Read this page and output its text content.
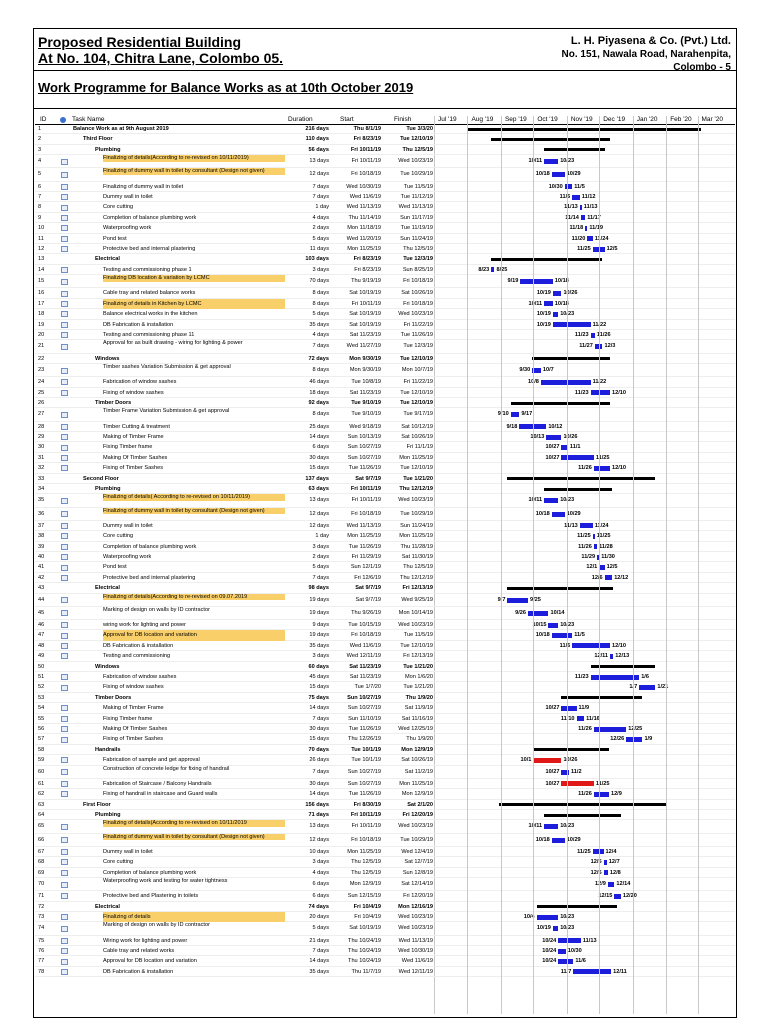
Proposed Residential Building
At No. 104, Chitra Lane, Colombo 05.
L. H. Piyasena & Co. (Pvt.) Ltd.
No. 151, Nawala Road, Narahenpita,
Colombo - 5
Work Programme for Balance Works as at 10th October 2019
ID	Task Name	Duration	Start	Finish	Jul '19 Aug '19 Sep '19 Oct '19 Nov '19 Dec '19 Jan '20 Feb '20 Mar '20
1	Balance Work as at 9th August 2019	216 days	Thu 8/1/19	Tue 3/3/20
2	Third Floor	110 days	Fri 8/23/19	Tue 12/10/19
3	Plumbing	56 days	Fri 10/11/19	Thu 12/5/19
4	Finalizing of details(According to re-revised on 10/11/2019)	13 days	Fri 10/11/19	Wed 10/23/19	10/11	10/23
5	Finalizing of dummy wall in toilet by consultant (Design not given)	12 days	Fri 10/18/19	Tue 10/29/19	10/18	10/29
6	Finalizing of dummy wall in toilet	7 days	Wed 10/30/19	Tue 11/5/19	10/30 11/5
7	Dummy wall in toilet	7 days	Wed 11/6/19	Tue 11/12/19	11/6 11/12
8	Core cutting	1 day	Wed 11/13/19	Wed 11/13/19	11/13 11/13
9	Completion of balance plumbing work	4 days	Thu 11/14/19	Sun 11/17/19	11/14 11/17
10	Waterproofing work	2 days	Mon 11/18/19	Tue 11/19/19	11/18 11/19
11	Pond test	5 days	Wed 11/20/19	Sun 11/24/19	11/20 11/24
12	Protective bed and internal plastering	11 days	Mon 11/25/19	Thu 12/5/19	11/25	12/5
13	Electrical	103 days	Fri 8/23/19	Tue 12/3/19
14	Testing and commissioning phase 1	3 days	Fri 8/23/19	Sun 8/25/19	8/23 8/25
15	Finalizing DB location & variation by LCMC	70 days	Thu 9/19/19	Fri 10/18/19	9/19	10/18
16	Cable tray and related balance works	8 days	Sat 10/19/19	Sat 10/26/19	10/19 10/26
17	Finalizing of details in Kitchen by LCMC	8 days	Fri 10/11/19	Fri 10/18/19	10/11 10/18
18	Balance electrical works in the kitchen	5 days	Sat 10/19/19	Wed 10/23/19	10/19 10/23
19	DB Fabrication & installation	35 days	Sat 10/19/19	Fri 11/22/19	10/19	11/22
20	Testing and commissioning phase 11	4 days	Sat 11/23/19	Tue 11/26/19	11/23 11/26
21	Approval for as built drawing - wiring for lighting & power	7 days	Wed 11/27/19	Tue 12/3/19	11/27 12/3
22	Windows	72 days	Mon 9/30/19	Tue 12/10/19
23	Timber sashes Variation Submission & get approval	8 days	Mon 9/30/19	Mon 10/7/19	9/30 10/7
24	Fabrication of window sashes	46 days	Tue 10/8/19	Fri 11/22/19	10/8	11/22
25	Fixing of window sashes	18 days	Sat 11/23/19	Tue 12/10/19	11/23	12/10
26	Timber Doors	92 days	Tue 9/10/19	Tue 12/10/19
27	Timber Frame Variation Submission & get approval	8 days	Tue 9/10/19	Tue 9/17/19	9/10 9/17
28	Timber Cutting & treatment	25 days	Wed 9/18/19	Sat 10/12/19	9/18	10/12
29	Making of Timber Frame	14 days	Sun 10/13/19	Sat 10/26/19	10/13	10/26
30	Fixing Timber frame	6 days	Sun 10/27/19	Fri 11/1/19	10/27 11/1
31	Making Of Timber Sashes	30 days	Sun 10/27/19	Mon 11/25/19	10/27	11/25
32	Fixing of Timber Sashes	15 days	Tue 11/26/19	Tue 12/10/19	11/26	12/10
33	Second Floor	137 days	Sat 9/7/19	Tue 1/21/20
34	Plumbing	63 days	Fri 10/11/19	Thu 12/12/19
35	Finalizing of details( According to re-revised on 10/11/2019)	13 days	Fri 10/11/19	Wed 10/23/19	10/11	10/23
36	Finalizing of dummy wall in toilet by consultant (Design not given)	12 days	Fri 10/18/19	Tue 10/29/19	10/18	10/29
37	Dummy wall in toilet	12 days	Wed 11/13/19	Sun 11/24/19	11/13	11/24
38	Core cutting	1 day	Mon 11/25/19	Mon 11/25/19	11/25 11/25
39	Completion of balance plumbing work	3 days	Tue 11/26/19	Thu 11/28/19	11/26 11/28
40	Waterproofing work	2 days	Fri 11/29/19	Sat 11/30/19	11/29 11/30
41	Pond test	5 days	Sun 12/1/19	Thu 12/5/19	12/1 12/5
42	Protective bed and internal plastering	7 days	Fri 12/6/19	Thu 12/12/19	12/6 12/12
43	Electrical	98 days	Sat 9/7/19	Fri 12/13/19
44	Finalizing of details(According to re-revised on 09.07.2019	19 days	Sat 9/7/19	Wed 9/25/19	9/7	9/25
45	Marking of design on walls by ID contractor	19 days	Thu 9/26/19	Mon 10/14/19	9/26	10/14
46	wiring work for lighting and power	9 days	Tue 10/15/19	Wed 10/23/19	10/15 10/23
47	Approval for DB location and variation	19 days	Fri 10/18/19	Tue 11/5/19	10/18	11/5
48	DB Fabrication & installation	35 days	Wed 11/6/19	Tue 12/10/19	11/6	12/10
49	Testing and commissioning	3 days	Wed 12/11/19	Fri 12/13/19	12/11 12/13
50	Windows	60 days	Sat 11/23/19	Tue 1/21/20
51	Fabrication of window sashes	45 days	Sat 11/23/19	Mon 1/6/20	11/23	1/6
52	Fixing of window sashes	15 days	Tue 1/7/20	Tue 1/21/20	1/7	1/21
53	Timber Doors	75 days	Sun 10/27/19	Thu 1/9/20
54	Making of Timber Frame	14 days	Sun 10/27/19	Sat 11/9/19	10/27	11/9
55	Fixing Timber frame	7 days	Sun 11/10/19	Sat 11/16/19	11/10 11/16
56	Making Of Timber Sashes	30 days	Tue 11/26/19	Wed 12/25/19	11/26	12/25
57	Fixing of Timber Sashes	15 days	Thu 12/26/19	Thu 1/9/20	12/26	1/9
58	Handrails	70 days	Tue 10/1/19	Mon 12/9/19
59	Fabrication of sample and get approval	26 days	Tue 10/1/19	Sat 10/26/19	10/1	10/26
60	Construction of concrete ledge for fixing of handrail	7 days	Sun 10/27/19	Sat 11/2/19	10/27 11/2
61	Fabrication of Staircase / Balcony Handrails	30 days	Sun 10/27/19	Mon 11/25/19	10/27	11/25
62	Fixing of handrail in staircase and Guard walls	14 days	Tue 11/26/19	Mon 12/9/19	11/26	12/9
63	First Floor	156 days	Fri 8/30/19	Sat 2/1/20
64	Plumbing	71 days	Fri 10/11/19	Fri 12/20/19
65	Finalizing of details(According to re-revised on 10/11/2019	13 days	Fri 10/11/19	Wed 10/23/19	10/11	10/23
66	Finalizing of dummy wall in toilet by consultant (Design not given)	12 days	Fri 10/18/19	Tue 10/29/19	10/18	10/29
67	Dummy wall in toilet	10 days	Mon 11/25/19	Wed 12/4/19	11/25	12/4
68	Core cutting	3 days	Thu 12/5/19	Sat 12/7/19	12/5 12/7
69	Completion of balance plumbing work	4 days	Thu 12/5/19	Sun 12/8/19	12/5 12/8
70	Waterproofing work and testing for water tightness	6 days	Mon 12/9/19	Sat 12/14/19	12/9 12/14
71	Protective bed and Plastering in toilets	6 days	Sun 12/15/19	Fri 12/20/19	12/15 12/20
72	Electrical	74 days	Fri 10/4/19	Mon 12/16/19
73	Finalizing of details	20 days	Fri 10/4/19	Wed 10/23/19	10/4	10/23
74	Marking of design on walls by ID contractor	5 days	Sat 10/19/19	Wed 10/23/19	10/19 10/23
75	Wiring work for lighting and power	21 days	Thu 10/24/19	Wed 11/13/19	10/24	11/13
76	Cable tray and related works	7 days	Thu 10/24/19	Wed 10/30/19	10/24 10/30
77	Approval for DB location and variation	14 days	Thu 10/24/19	Wed 11/6/19	10/24	11/6
78	DB Fabrication & installation	35 days	Thu 11/7/19	Wed 12/11/19	11/7	12/11
